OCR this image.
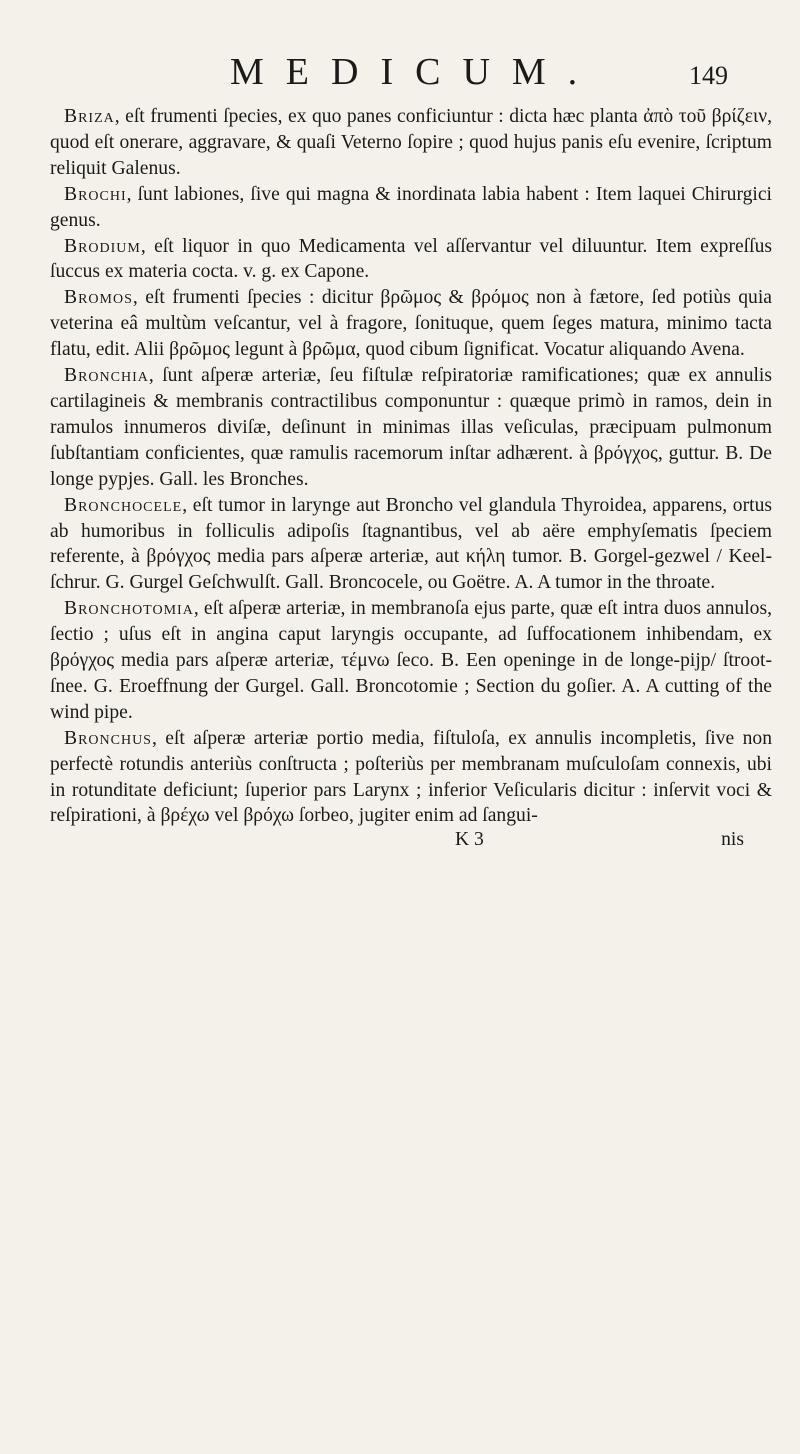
MEDICUM.	149

Briza, eſt frumenti ſpecies, ex quo panes conficiuntur : dicta hæc planta ἀπὸ τοῦ βρίζειν, quod eſt onerare, aggravare, & quaſi Veterno ſopire ; quod hujus panis eſu evenire, ſcriptum reliquit Galenus.

Brochi, ſunt labiones, ſive qui magna & inordinata labia habent : Item laquei Chirurgici genus.

Brodium, eſt liquor in quo Medicamenta vel aſſervantur vel diluuntur. Item expreſſus ſuccus ex materia cocta. v. g. ex Capone.

Bromos, eſt frumenti ſpecies : dicitur βρῶμος & βρόμος non à fætore, ſed potiùs quia veterina eâ multùm veſcantur, vel à fragore, ſonituque, quem ſeges matura, minimo tacta flatu, edit. Alii βρῶμος legunt à βρῶμα, quod cibum ſignificat. Vocatur aliquando Avena.

Bronchia, ſunt aſperæ arteriæ, ſeu fiſtulæ reſpiratoriæ ramificationes; quæ ex annulis cartilagineis & membranis contractilibus componuntur : quæque primò in ramos, dein in ramulos innumeros diviſæ, deſinunt in minimas illas veſiculas, præcipuam pulmonum ſubſtantiam conficientes, quæ ramulis racemorum inſtar adhærent. à βρόγχος, guttur. B. De longe pypjes. Gall. les Bronches.

Bronchocele, eſt tumor in larynge aut Broncho vel glandula Thyroidea, apparens, ortus ab humoribus in folliculis adipoſis ſtagnantibus, vel ab aëre emphyſematis ſpeciem referente, à βρόγχος media pars aſperæ arteriæ, aut κήλη tumor. B. Gorgel-gezwel / Keel-ſchrur. G. Gurgel Geſchwulſt. Gall. Broncocele, ou Goëtre. A. A tumor in the throate.

Bronchotomia, eſt aſperæ arteriæ, in membranoſa ejus parte, quæ eſt intra duos annulos, ſectio ; uſus eſt in angina caput laryngis occupante, ad ſuffocationem inhibendam, ex βρόγχος media pars aſperæ arteriæ, τέμνω ſeco. B. Een openinge in de longe-pijp/ ſtroot-ſnee. G. Eroeffnung der Gurgel. Gall. Broncotomie ; Section du goſier. A. A cutting of the wind pipe.

Bronchus, eſt aſperæ arteriæ portio media, fiſtuloſa, ex annulis incompletis, ſive non perfectè rotundis anteriùs conſtructa ; poſteriùs per membranam muſculoſam connexis, ubi in rotunditate deficiunt; ſuperior pars Larynx ; inferior Veſicularis dicitur : inſervit voci & reſpirationi, à βρέχω vel βρόχω ſorbeo, jugiter enim ad ſangui-

K 3	nis
